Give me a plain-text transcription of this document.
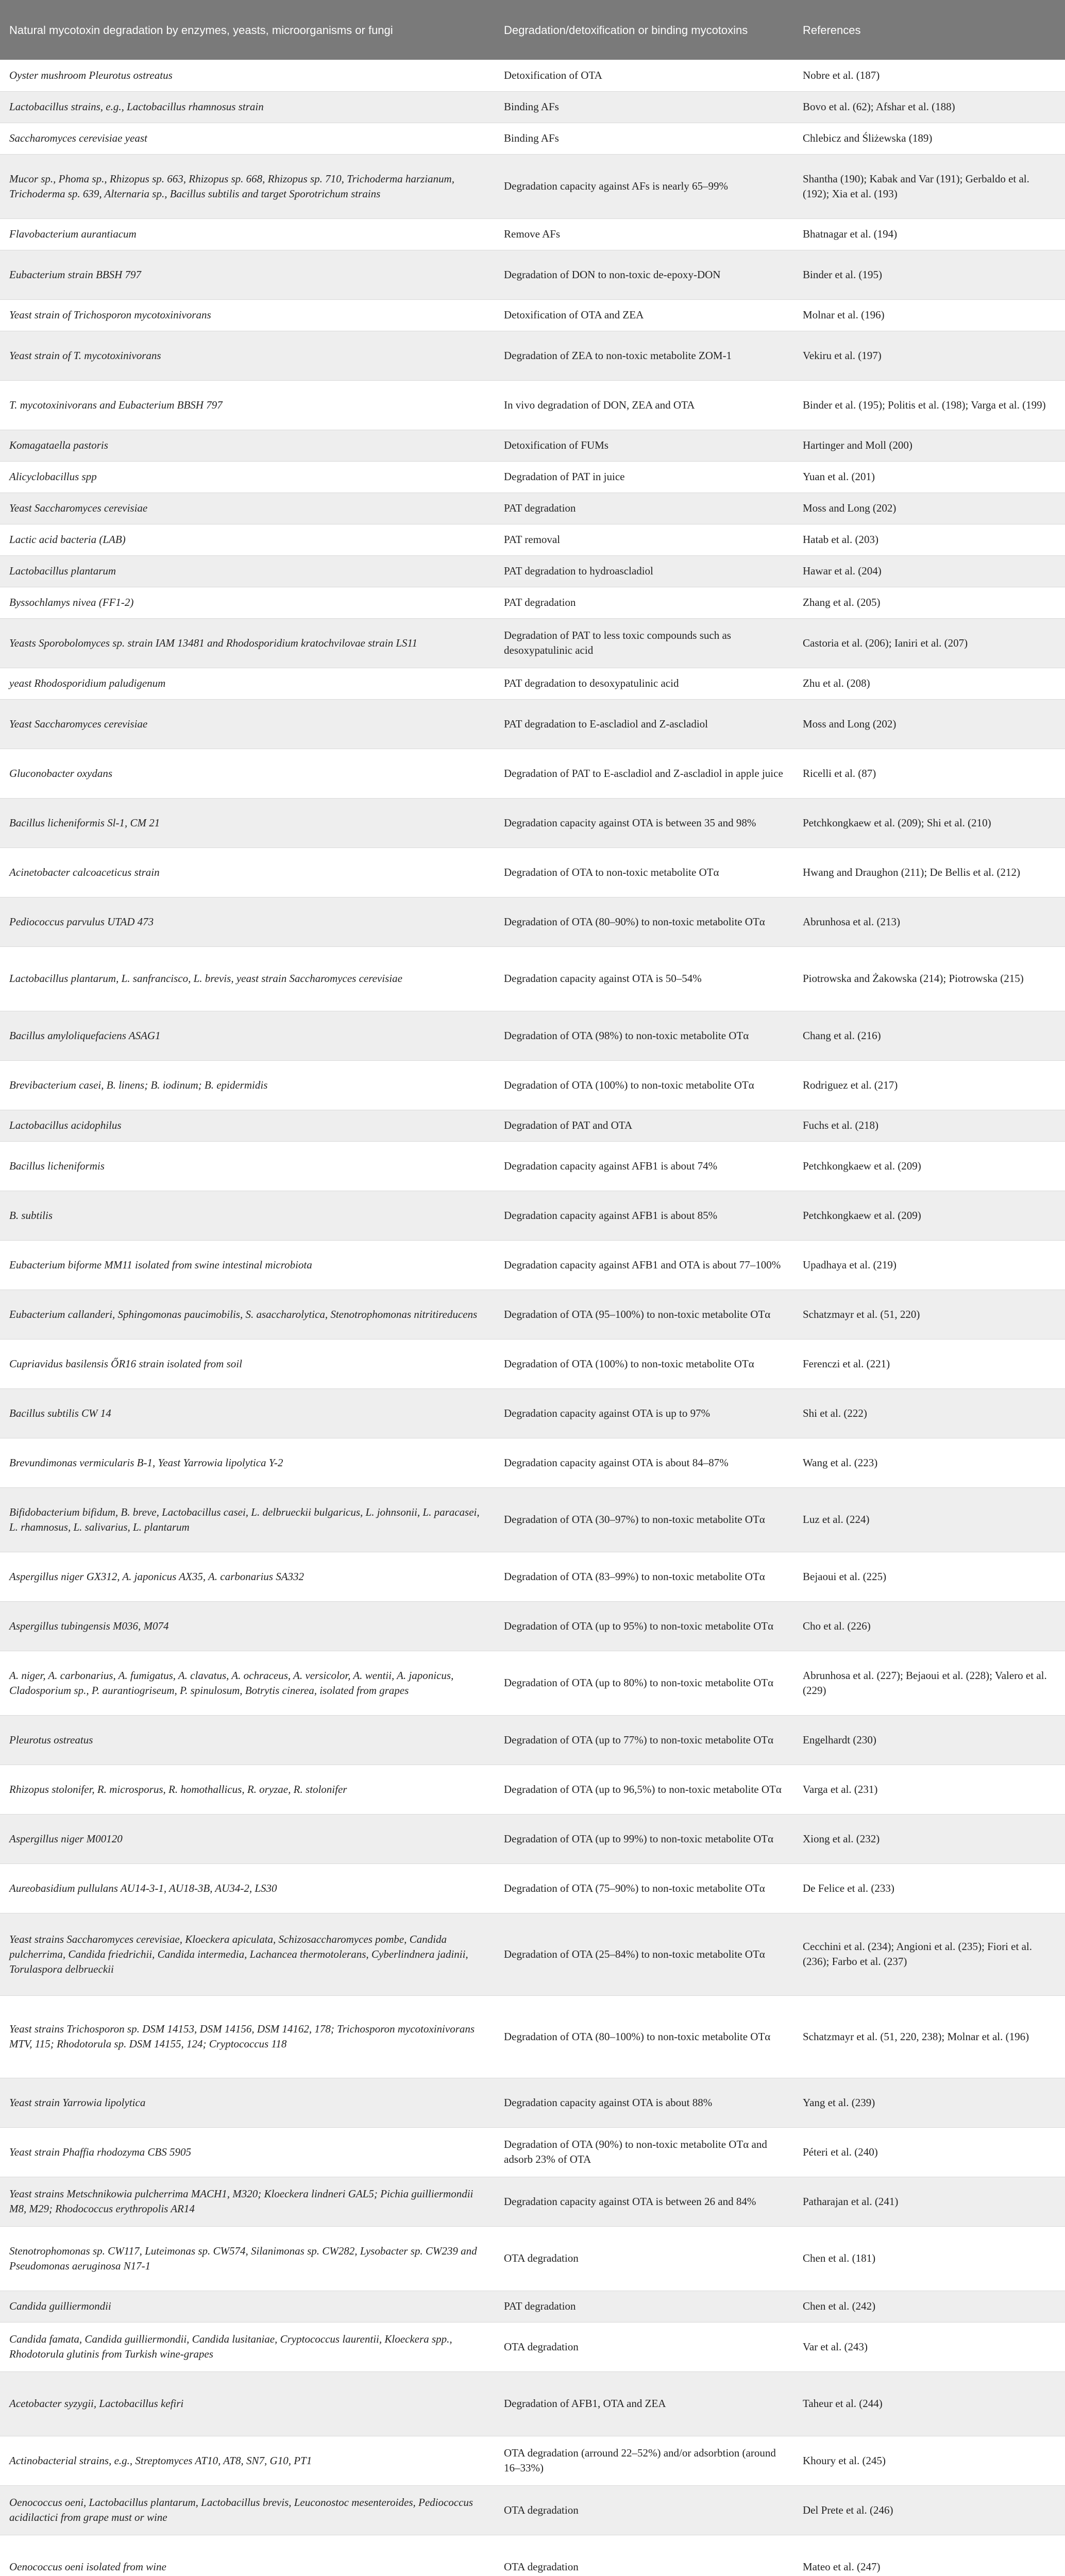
Natural mycotoxin degradation by enzymes, yeasts, microorganisms or fungi	Degradation/detoxification or binding mycotoxins	References
Oyster mushroom Pleurotus ostreatus	Detoxification of OTA	Nobre et al. (187)
Lactobacillus strains, e.g., Lactobacillus rhamnosus strain	Binding AFs	Bovo et al. (62); Afshar et al. (188)
Saccharomyces cerevisiae yeast	Binding AFs	Chlebicz and Śliżewska (189)
Mucor sp., Phoma sp., Rhizopus sp. 663, Rhizopus sp. 668, Rhizopus sp. 710, Trichoderma harzianum, Trichoderma sp. 639, Alternaria sp., Bacillus subtilis and target Sporotrichum strains	Degradation capacity against AFs is nearly 65–99%	Shantha (190); Kabak and Var (191); Gerbaldo et al. (192); Xia et al. (193)
Flavobacterium aurantiacum	Remove AFs	Bhatnagar et al. (194)
Eubacterium strain BBSH 797	Degradation of DON to non-toxic de-epoxy-DON	Binder et al. (195)
Yeast strain of Trichosporon mycotoxinivorans	Detoxification of OTA and ZEA	Molnar et al. (196)
Yeast strain of T. mycotoxinivorans	Degradation of ZEA to non-toxic metabolite ZOM-1	Vekiru et al. (197)
T. mycotoxinivorans and Eubacterium BBSH 797	In vivo degradation of DON, ZEA and OTA	Binder et al. (195); Politis et al. (198); Varga et al. (199)
Komagataella pastoris	Detoxification of FUMs	Hartinger and Moll (200)
Alicyclobacillus spp	Degradation of PAT in juice	Yuan et al. (201)
Yeast Saccharomyces cerevisiae	PAT degradation	Moss and Long (202)
Lactic acid bacteria (LAB)	PAT removal	Hatab et al. (203)
Lactobacillus plantarum	PAT degradation to hydroascladiol	Hawar et al. (204)
Byssochlamys nivea (FF1-2)	PAT degradation	Zhang et al. (205)
Yeasts Sporobolomyces sp. strain IAM 13481 and Rhodosporidium kratochvilovae strain LS11	Degradation of PAT to less toxic compounds such as desoxypatulinic acid	Castoria et al. (206); Ianiri et al. (207)
yeast Rhodosporidium paludigenum	PAT degradation to desoxypatulinic acid	Zhu et al. (208)
Yeast Saccharomyces cerevisiae	PAT degradation to E-ascladiol and Z-ascladiol	Moss and Long (202)
Gluconobacter oxydans	Degradation of PAT to E-ascladiol and Z-ascladiol in apple juice	Ricelli et al. (87)
Bacillus licheniformis Sl-1, CM 21	Degradation capacity against OTA is between 35 and 98%	Petchkongkaew et al. (209); Shi et al. (210)
Acinetobacter calcoaceticus strain	Degradation of OTA to non-toxic metabolite OTα	Hwang and Draughon (211); De Bellis et al. (212)
Pediococcus parvulus UTAD 473	Degradation of OTA (80–90%) to non-toxic metabolite OTα	Abrunhosa et al. (213)
Lactobacillus plantarum, L. sanfranciscо, L. brevis, yeast strain Saccharomyces cerevisiae	Degradation capacity against OTA is 50–54%	Piotrowska and Żakowska (214); Piotrowska (215)
Bacillus amyloliquefaciens ASAG1	Degradation of OTA (98%) to non-toxic metabolite OTα	Chang et al. (216)
Brevibacterium casei, B. linens; B. iodinum; B. epidermidis	Degradation of OTA (100%) to non-toxic metabolite OTα	Rodriguez et al. (217)
Lactobacillus acidophilus	Degradation of PAT and OTA	Fuchs et al. (218)
Bacillus licheniformis	Degradation capacity against AFB1 is about 74%	Petchkongkaew et al. (209)
B. subtilis	Degradation capacity against AFB1 is about 85%	Petchkongkaew et al. (209)
Eubacterium biforme MM11 isolated from swine intestinal microbiota	Degradation capacity against AFB1 and OTA is about 77–100%	Upadhaya et al. (219)
Eubacterium callanderi, Sphingomonas paucimobilis, S. asaccharolytica, Stenotrophomonas nitritireducens	Degradation of OTA (95–100%) to non-toxic metabolite OTα	Schatzmayr et al. (51, 220)
Cupriavidus basilensis ŐR16 strain isolated from soil	Degradation of OTA (100%) to non-toxic metabolite OTα	Ferenczi et al. (221)
Bacillus subtilis CW 14	Degradation capacity against OTA is up to 97%	Shi et al. (222)
Brevundimonas vermicularis B-1, Yeast Yarrowia lipolytica Y-2	Degradation capacity against OTA is about 84–87%	Wang et al. (223)
Bifidobacterium bifidum, B. breve, Lactobacillus casei, L. delbrueckii bulgaricus, L. johnsonii, L. paracasei, L. rhamnosus, L. salivarius, L. plantarum	Degradation of OTA (30–97%) to non-toxic metabolite OTα	Luz et al. (224)
Aspergillus niger GX312, A. japonicus AX35, A. carbonarius SA332	Degradation of OTA (83–99%) to non-toxic metabolite OTα	Bejaoui et al. (225)
Aspergillus tubingensis M036, M074	Degradation of OTA (up to 95%) to non-toxic metabolite OTα	Cho et al. (226)
A. niger, A. carbonarius, A. fumigatus, A. clavatus, A. ochraceus, A. versicolor, A. wentii, A. japonicus, Cladosporium sp., P. aurantiogriseum, P. spinulosum, Botrytis cinerea, isolated from grapes	Degradation of OTA (up to 80%) to non-toxic metabolite OTα	Abrunhosa et al. (227); Bejaoui et al. (228); Valero et al. (229)
Pleurotus ostreatus	Degradation of OTA (up to 77%) to non-toxic metabolite OTα	Engelhardt (230)
Rhizopus stolonifer, R. microsporus, R. homothallicus, R. oryzae, R. stolonifer	Degradation of OTA (up to 96,5%) to non-toxic metabolite OTα	Varga et al. (231)
Aspergillus niger M00120	Degradation of OTA (up to 99%) to non-toxic metabolite OTα	Xiong et al. (232)
Aureobasidium pullulans AU14-3-1, AU18-3B, AU34-2, LS30	Degradation of OTA (75–90%) to non-toxic metabolite OTα	De Felice et al. (233)
Yeast strains Saccharomyces cerevisiae, Kloeckera apiculata, Schizosaccharomyces pombe, Candida pulcherrima, Candida friedrichii, Candida intermedia, Lachancea thermotolerans, Cyberlindnera jadinii, Torulaspora delbrueckii	Degradation of OTA (25–84%) to non-toxic metabolite OTα	Cecchini et al. (234); Angioni et al. (235); Fiori et al. (236); Farbo et al. (237)
Yeast strains Trichosporon sp. DSM 14153, DSM 14156, DSM 14162, 178; Trichosporon mycotoxinivorans MTV, 115; Rhodotorula sp. DSM 14155, 124; Cryptococcus 118	Degradation of OTA (80–100%) to non-toxic metabolite OTα	Schatzmayr et al. (51, 220, 238); Molnar et al. (196)
Yeast strain Yarrowia lipolytica	Degradation capacity against OTA is about 88%	Yang et al. (239)
Yeast strain Phaffia rhodozyma CBS 5905	Degradation of OTA (90%) to non-toxic metabolite OTα and adsorb 23% of OTA	Péteri et al. (240)
Yeast strains Metschnikowia pulcherrima MACH1, M320; Kloeckera lindneri GAL5; Pichia guilliermondii M8, M29; Rhodococcus erythropolis AR14	Degradation capacity against OTA is between 26 and 84%	Patharajan et al. (241)
Stenotrophomonas sp. CW117, Luteimonas sp. CW574, Silanimonas sp. CW282, Lysobacter sp. CW239 and Pseudomonas aeruginosa N17-1	OTA degradation	Chen et al. (181)
Candida guilliermondii	PAT degradation	Chen et al. (242)
Candida famata, Candida guilliermondii, Candida lusitaniae, Cryptococcus laurentii, Kloeckera spp., Rhodotorula glutinis from Turkish wine-grapes	OTA degradation	Var et al. (243)
Acetobacter syzygii, Lactobacillus kefiri	Degradation of AFB1, OTA and ZEA	Taheur et al. (244)
Actinobacterial strains, e.g., Streptomyces AT10, AT8, SN7, G10, PT1	OTA degradation (arround 22–52%) and/or adsorbtion (around 16–33%)	Khoury et al. (245)
Oenococcus oeni, Lactobacillus plantarum, Lactobacillus brevis, Leuconostoc mesenteroides, Pediococcus acidilactici from grape must or wine	OTA degradation	Del Prete et al. (246)
Oenococcus oeni isolated from wine	OTA degradation	Mateo et al. (247)
